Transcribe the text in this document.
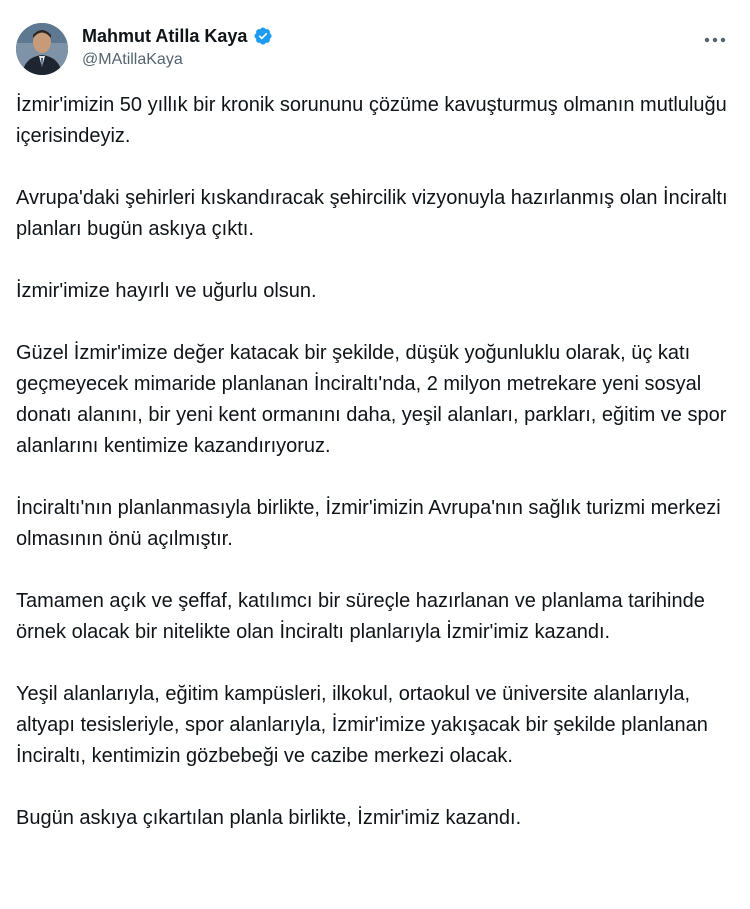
Mahmut Atilla Kaya
@MAtillaKaya

İzmir'imizin 50 yıllık bir kronik sorununu çözüme kavuşturmuş olmanın mutluluğu içerisindeyiz.

Avrupa'daki şehirleri kıskandıracak şehircilik vizyonuyla hazırlanmış olan İnciraltı planları bugün askıya çıktı.

İzmir'imize hayırlı ve uğurlu olsun.

Güzel İzmir'imize değer katacak bir şekilde, düşük yoğunluklu olarak, üç katı geçmeyecek mimaride planlanan İnciraltı'nda, 2 milyon metrekare yeni sosyal donatı alanını, bir yeni kent ormanını daha, yeşil alanları, parkları, eğitim ve spor alanlarını kentimize kazandırıyoruz.

İnciraltı'nın planlanmasıyla birlikte, İzmir'imizin Avrupa'nın sağlık turizmi merkezi olmasının önü açılmıştır.

Tamamen açık ve şeffaf, katılımcı bir süreçle hazırlanan ve planlama tarihinde örnek olacak bir nitelikte olan İnciraltı planlarıyla İzmir'imiz kazandı.

Yeşil alanlarıyla, eğitim kampüsleri, ilkokul, ortaokul ve üniversite alanlarıyla, altyapı tesisleriyle, spor alanlarıyla, İzmir'imize yakışacak bir şekilde planlanan İnciraltı, kentimizin gözbebeği ve cazibe merkezi olacak.

Bugün askıya çıkartılan planla birlikte, İzmir'imiz kazandı.
